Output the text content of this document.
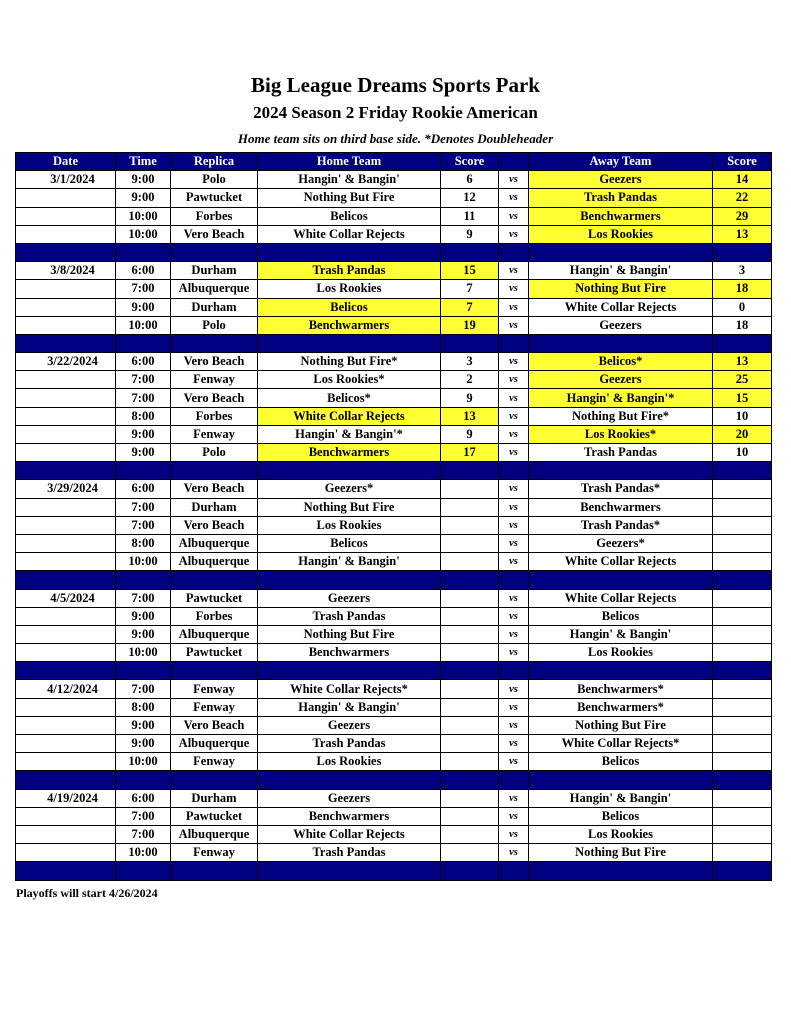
Big League Dreams Sports Park
2024 Season 2 Friday Rookie American
Home team sits on third base side. *Denotes Doubleheader
Date	Time	Replica	Home Team	Score		Away Team	Score
3/1/2024	9:00	Polo	Hangin' & Bangin'	6	vs	Geezers	14
	9:00	Pawtucket	Nothing But Fire	12	vs	Trash Pandas	22
	10:00	Forbes	Belicos	11	vs	Benchwarmers	29
	10:00	Vero Beach	White Collar Rejects	9	vs	Los Rookies	13

3/8/2024	6:00	Durham	Trash Pandas	15	vs	Hangin' & Bangin'	3
	7:00	Albuquerque	Los Rookies	7	vs	Nothing But Fire	18
	9:00	Durham	Belicos	7	vs	White Collar Rejects	0
	10:00	Polo	Benchwarmers	19	vs	Geezers	18

3/22/2024	6:00	Vero Beach	Nothing But Fire*	3	vs	Belicos*	13
	7:00	Fenway	Los Rookies*	2	vs	Geezers	25
	7:00	Vero Beach	Belicos*	9	vs	Hangin' & Bangin'*	15
	8:00	Forbes	White Collar Rejects	13	vs	Nothing But Fire*	10
	9:00	Fenway	Hangin' & Bangin'*	9	vs	Los Rookies*	20
	9:00	Polo	Benchwarmers	17	vs	Trash Pandas	10

3/29/2024	6:00	Vero Beach	Geezers*		vs	Trash Pandas*	
	7:00	Durham	Nothing But Fire		vs	Benchwarmers	
	7:00	Vero Beach	Los Rookies		vs	Trash Pandas*	
	8:00	Albuquerque	Belicos		vs	Geezers*	
	10:00	Albuquerque	Hangin' & Bangin'		vs	White Collar Rejects	

4/5/2024	7:00	Pawtucket	Geezers		vs	White Collar Rejects	
	9:00	Forbes	Trash Pandas		vs	Belicos	
	9:00	Albuquerque	Nothing But Fire		vs	Hangin' & Bangin'	
	10:00	Pawtucket	Benchwarmers		vs	Los Rookies	

4/12/2024	7:00	Fenway	White Collar Rejects*		vs	Benchwarmers*	
	8:00	Fenway	Hangin' & Bangin'		vs	Benchwarmers*	
	9:00	Vero Beach	Geezers		vs	Nothing But Fire	
	9:00	Albuquerque	Trash Pandas		vs	White Collar Rejects*	
	10:00	Fenway	Los Rookies		vs	Belicos	

4/19/2024	6:00	Durham	Geezers		vs	Hangin' & Bangin'	
	7:00	Pawtucket	Benchwarmers		vs	Belicos	
	7:00	Albuquerque	White Collar Rejects		vs	Los Rookies	
	10:00	Fenway	Trash Pandas		vs	Nothing But Fire	

Playoffs will start 4/26/2024
